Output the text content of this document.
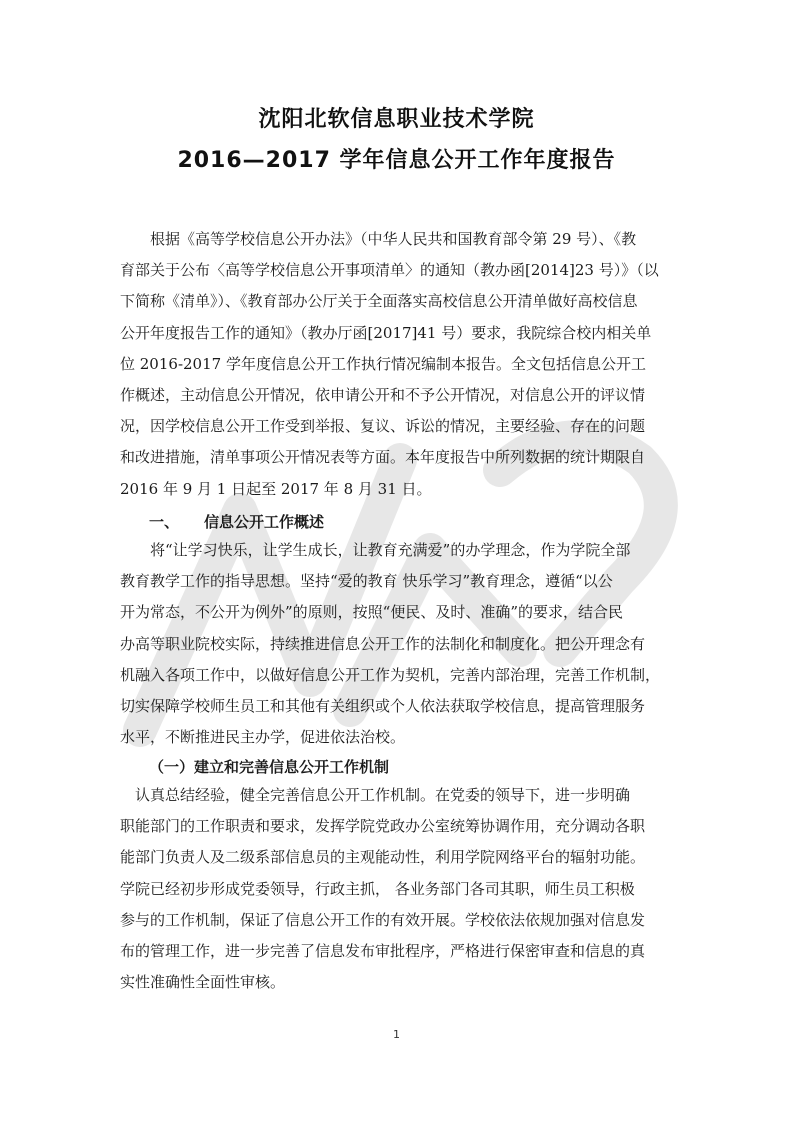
沈阳北软信息职业技术学院
2016—2017 学年信息公开工作年度报告
　　根据《高等学校信息公开办法》（中华人民共和国教育部令第 29 号）、《教
育部关于公布〈高等学校信息公开事项清单〉的通知（教办函[2014]23 号）》（以
下简称《清单》）、《教育部办公厅关于全面落实高校信息公开清单做好高校信息
公开年度报告工作的通知》（教办厅函[2017]41 号）要求，我院综合校内相关单
位 2016-2017 学年度信息公开工作执行情况编制本报告。全文包括信息公开工
作概述，主动信息公开情况，依申请公开和不予公开情况，对信息公开的评议情
况，因学校信息公开工作受到举报、复议、诉讼的情况，主要经验、存在的问题
和改进措施，清单事项公开情况表等方面。本年度报告中所列数据的统计期限自
2016 年 9 月 1 日起至 2017 年 8 月 31 日。
一、 信息公开工作概述
　　将“让学习快乐，让学生成长，让教育充满爱”的办学理念，作为学院全部
教育教学工作的指导思想。坚持“爱的教育 快乐学习”教育理念，遵循“以公
开为常态，不公开为例外”的原则，按照“便民、及时、准确”的要求，结合民
办高等职业院校实际，持续推进信息公开工作的法制化和制度化。把公开理念有
机融入各项工作中，以做好信息公开工作为契机，完善内部治理，完善工作机制，
切实保障学校师生员工和其他有关组织或个人依法获取学校信息，提高管理服务
水平，不断推进民主办学，促进依法治校。
（一）建立和完善信息公开工作机制
　认真总结经验，健全完善信息公开工作机制。在党委的领导下，进一步明确
职能部门的工作职责和要求，发挥学院党政办公室统筹协调作用，充分调动各职
能部门负责人及二级系部信息员的主观能动性，利用学院网络平台的辐射功能。
学院已经初步形成党委领导，行政主抓， 各业务部门各司其职，师生员工积极
参与的工作机制，保证了信息公开工作的有效开展。学校依法依规加强对信息发
布的管理工作，进一步完善了信息发布审批程序，严格进行保密审查和信息的真
实性准确性全面性审核。
1
